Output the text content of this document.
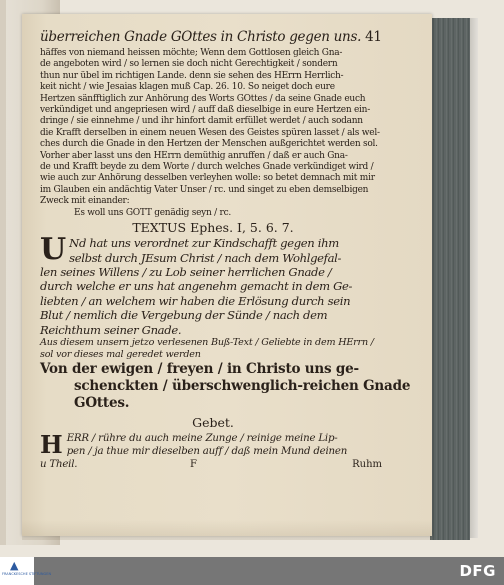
überreichen Gnade GOttes in Christo gegen uns. 41
häffes von niemand heissen möchte; Wenn dem Gottlosen gleich Gna-
de angeboten wird / so lernen sie doch nicht Gerechtigkeit / sondern
thun nur übel im richtigen Lande. denn sie sehen des HErrn Herrlich-
keit nicht / wie Jesaias klagen muß Cap. 26. 10. So neiget doch eure
Hertzen sänfftiglich zur Anhörung des Worts GOttes / da seine Gnade euch
verkündiget und angepriesen wird / auff daß dieselbige in eure Hertzen ein-
dringe / sie einnehme / und ihr hinfort damit erfüllet werdet / auch sodann
die Krafft derselben in einem neuen Wesen des Geistes spüren lasset / als wel-
ches durch die Gnade in den Hertzen der Menschen außgerichtet werden sol.
Vorher aber lasst uns den HErrn demüthig anruffen / daß er auch Gna-
de und Krafft beyde zu dem Worte / durch welches Gnade verkündiget wird /
wie auch zur Anhörung desselben verleyhen wolle: so betet demnach mit mir
im Glauben ein andächtig Vater Unser / rc. und singet zu eben demselbigen
Zweck mit einander:
Es woll uns GOTT genädig seyn / rc.
TEXTUS Ephes. I, 5. 6. 7.
U Nd hat uns verordnet zur Kindschafft gegen ihm
selbst durch JEsum Christ / nach dem Wohlgefal-
len seines Willens / zu Lob seiner herrlichen Gnade /
durch welche er uns hat angenehm gemacht in dem Ge-
liebten / an welchem wir haben die Erlösung durch sein
Blut / nemlich die Vergebung der Sünde / nach dem
Reichthum seiner Gnade.
Aus diesem unsern jetzo verlesenen Buß-Text / Geliebte in dem HErrn /
sol vor dieses mal geredet werden
Von der ewigen / freyen / in Christo uns ge-
schenckten / überschwenglich-reichen Gnade
GOttes.
Gebet.
H ERR / rühre du auch meine Zunge / reinige meine Lip-
pen / ja thue mir dieselben auff / daß mein Mund deinen
u Theil.	F	Ruhm
▲
FRANCKESCHE STIFTUNGEN	DFG
